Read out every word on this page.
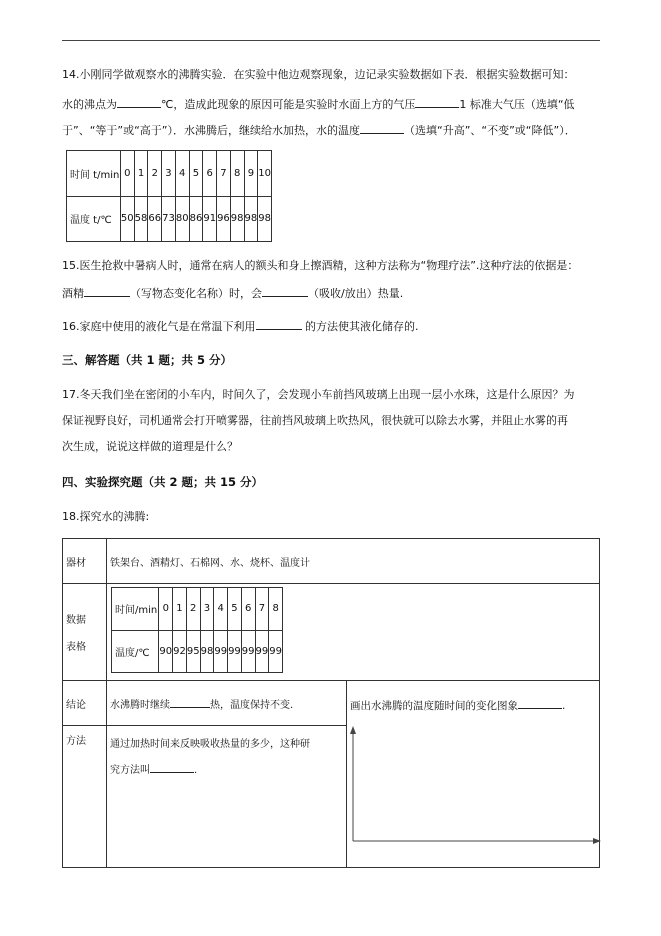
14.小刚同学做观察水的沸腾实验．在实验中他边观察现象，边记录实验数据如下表．根据实验数据可知：
水的沸点为	℃，造成此现象的原因可能是实验时水面上方的气压	1 标准大气压（选填“低
于”、“等于”或“高于”）．水沸腾后，继续给水加热，水的温度	（选填“升高”、“不变”或“降低”）．
时间 t/min	0	1	2	3	4	5	6	7	8	9	10
温度 t/℃	50	58	66	73	80	86	91	96	98	98	98
15.医生抢救中暑病人时，通常在病人的额头和身上擦酒精，这种方法称为“物理疗法”.这种疗法的依据是：
酒精	（写物态变化名称）时，会	（吸收/放出）热量.
16.家庭中使用的液化气是在常温下利用	的方法使其液化储存的.
三、解答题（共 1 题；共 5 分）
17.冬天我们坐在密闭的小车内，时间久了，会发现小车前挡风玻璃上出现一层小水珠，这是什么原因？为
保证视野良好，司机通常会打开喷雾器，往前挡风玻璃上吹热风，很快就可以除去水雾，并阻止水雾的再
次生成，说说这样做的道理是什么？
四、实验探究题（共 2 题；共 15 分）
18.探究水的沸腾:
器材	铁架台、酒精灯、石棉网、水、烧杯、温度计

数据
表格

时间/min	0	1	2	3	4	5	6	7	8
温度/℃	90	92	95	98	99	99	99	99	99

结论	水沸腾时继续	热，温度保持不变.	画出水沸腾的温度随时间的变化图象	.

方法	通过加热时间来反映吸收热量的多少，这种研
究方法叫	.
